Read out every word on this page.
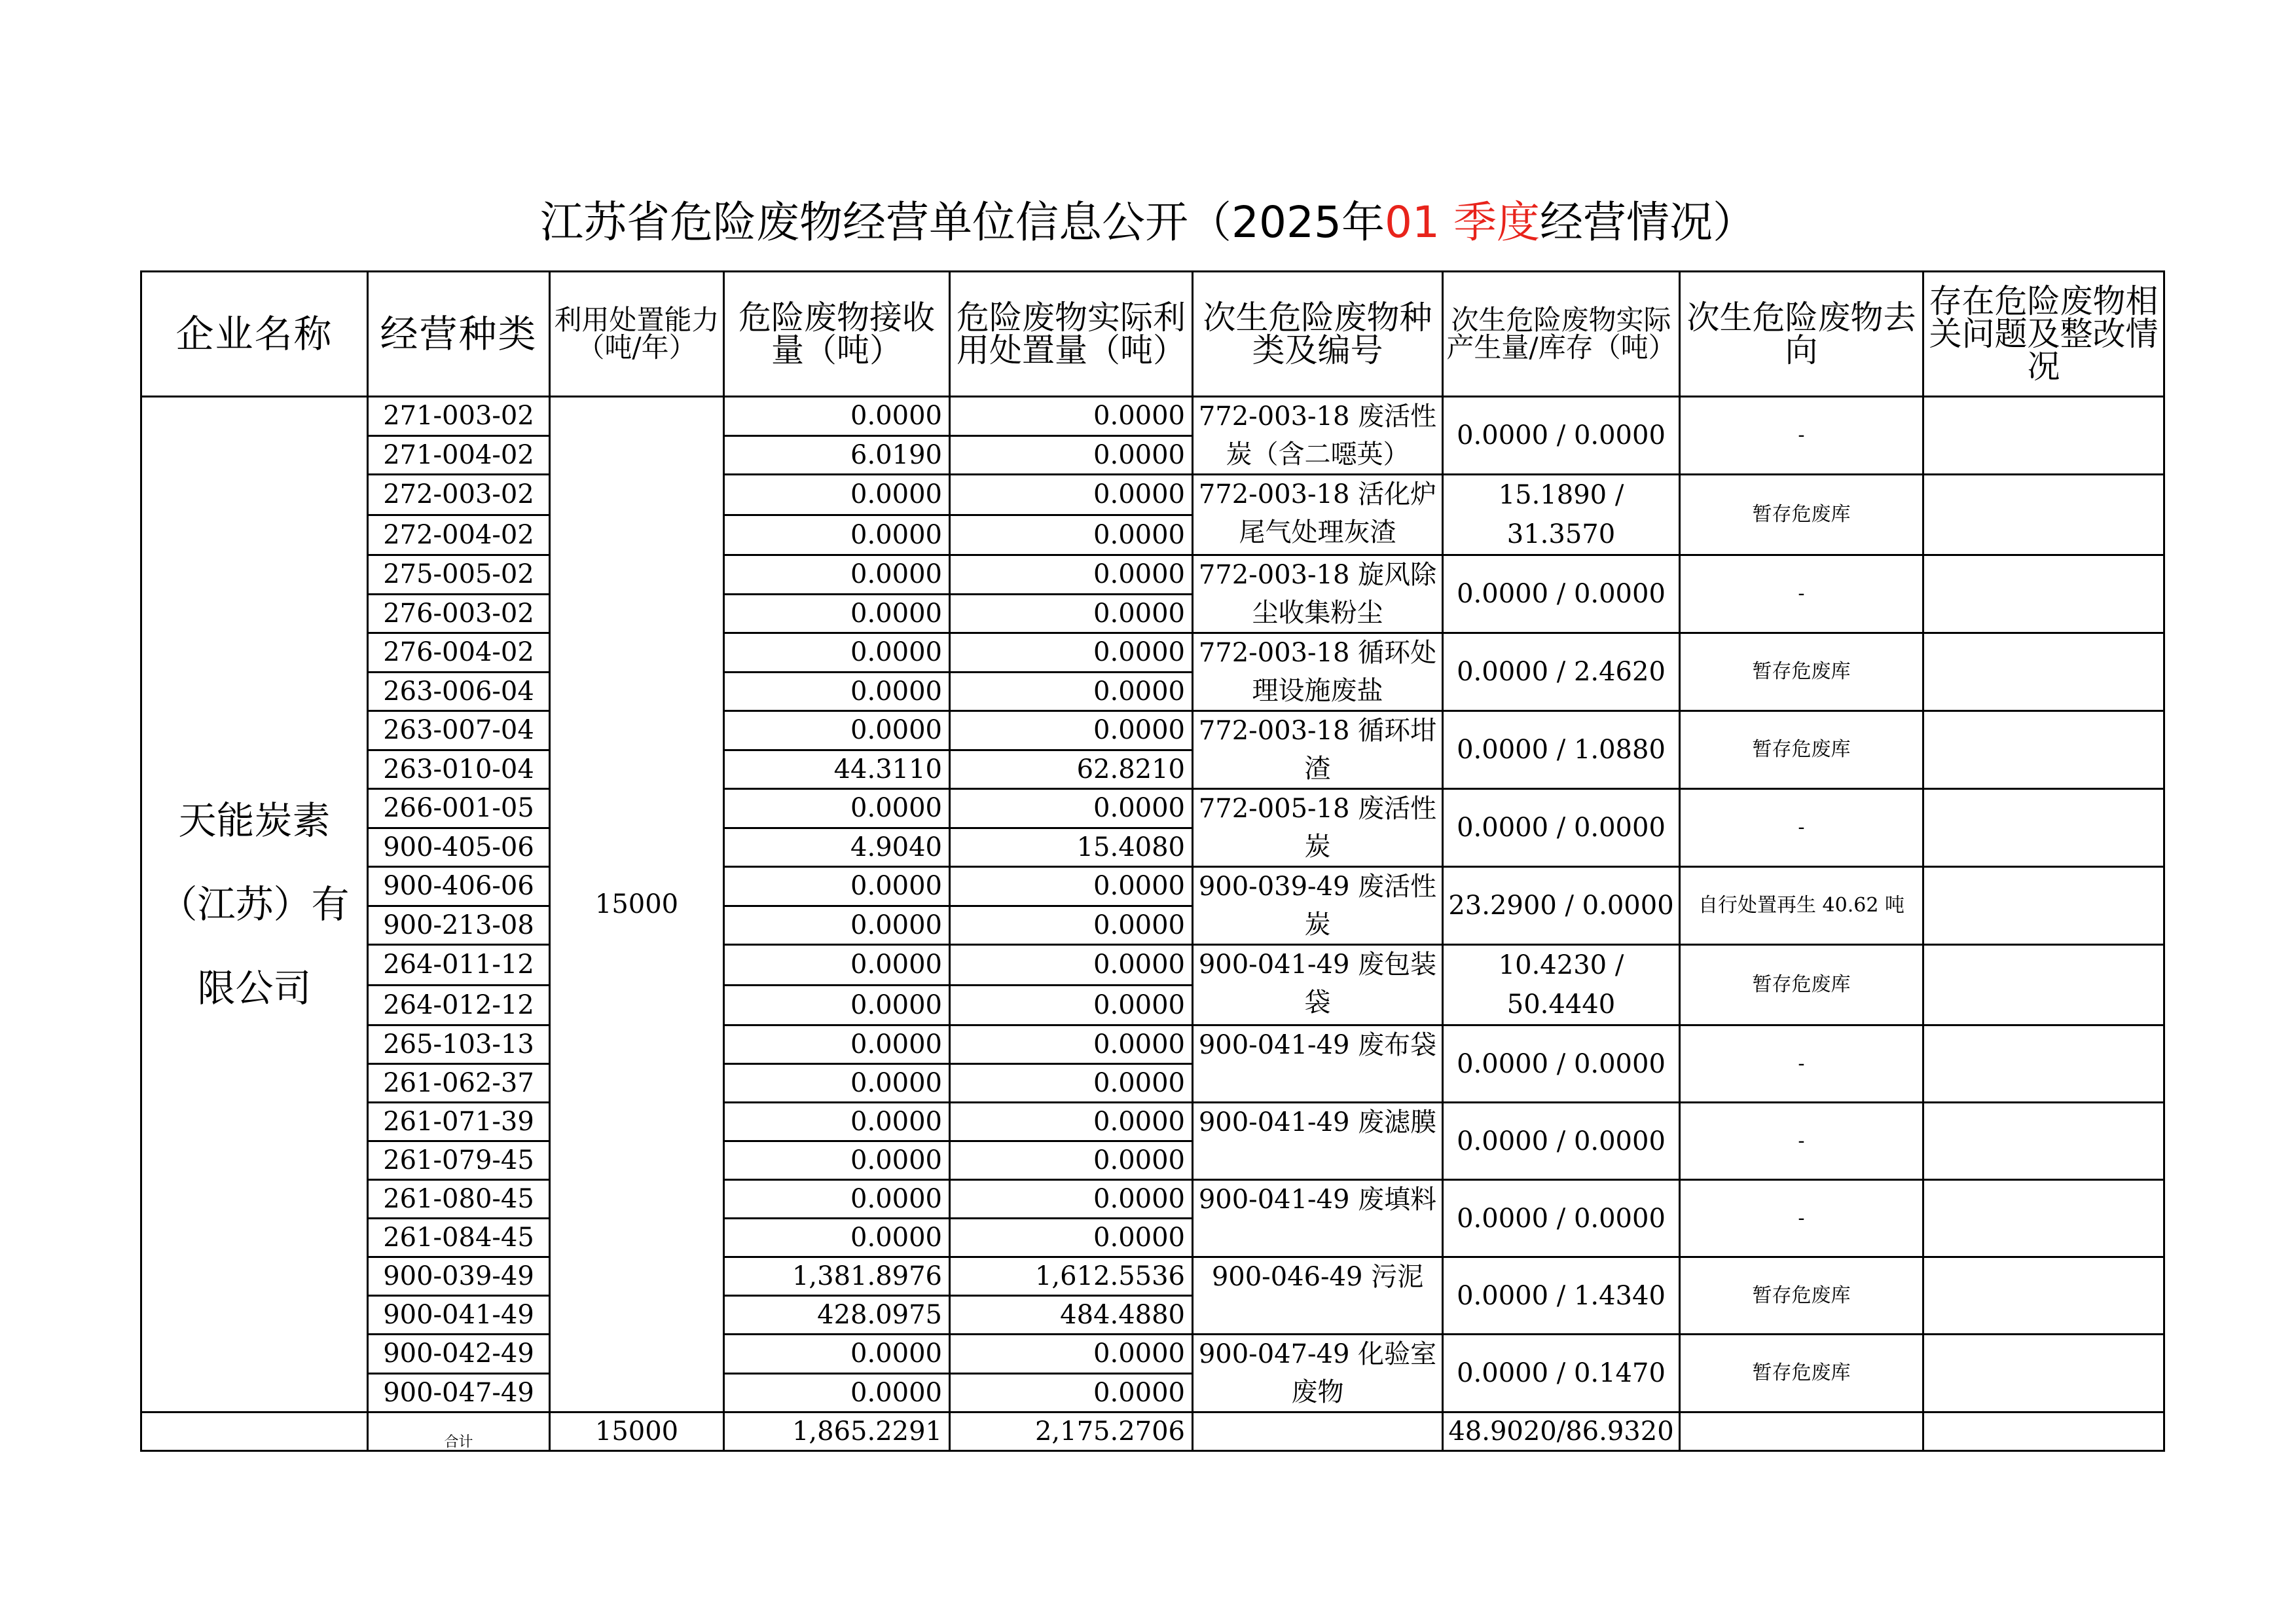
江苏省危险废物经营单位信息公开（2025年01 季度经营情况）
企业名称	经营种类	利用处置能力（吨/年）	危险废物接收量（吨）	危险废物实际利用处置量（吨）	次生危险废物种类及编号	次生危险废物实际产生量/库存（吨）	次生危险废物去向	存在危险废物相关问题及整改情况

天能炭素（江苏）有限公司	271-003-02	15000	0.0000	0.0000	772-003-18 废活性炭（含二噁英）	0.0000 / 0.0000	-	
	271-004-02		6.0190	0.0000				
	272-003-02		0.0000	0.0000	772-003-18 活化炉尾气处理灰渣	15.1890 / 31.3570	暂存危废库	
	272-004-02		0.0000	0.0000				
	275-005-02		0.0000	0.0000	772-003-18 旋风除尘收集粉尘	0.0000 / 0.0000	-	
	276-003-02		0.0000	0.0000				
	276-004-02		0.0000	0.0000	772-003-18 循环处理设施废盐	0.0000 / 2.4620	暂存危废库	
	263-006-04		0.0000	0.0000				
	263-007-04		0.0000	0.0000	772-003-18 循环坩渣	0.0000 / 1.0880	暂存危废库	
	263-010-04		44.3110	62.8210				
	266-001-05		0.0000	0.0000	772-005-18 废活性炭	0.0000 / 0.0000	-	
	900-405-06		4.9040	15.4080				
	900-406-06		0.0000	0.0000	900-039-49 废活性炭	23.2900 / 0.0000	自行处置再生 40.62 吨	
	900-213-08		0.0000	0.0000				
	264-011-12		0.0000	0.0000	900-041-49 废包装袋	10.4230 / 50.4440	暂存危废库	
	264-012-12		0.0000	0.0000				
	265-103-13		0.0000	0.0000	900-041-49 废布袋	0.0000 / 0.0000	-	
	261-062-37		0.0000	0.0000				
	261-071-39		0.0000	0.0000	900-041-49 废滤膜	0.0000 / 0.0000	-	
	261-079-45		0.0000	0.0000				
	261-080-45		0.0000	0.0000	900-041-49 废填料	0.0000 / 0.0000	-	
	261-084-45		0.0000	0.0000				
	900-039-49		1,381.8976	1,612.5536	900-046-49 污泥	0.0000 / 1.4340	暂存危废库	
	900-041-49		428.0975	484.4880				
	900-042-49		0.0000	0.0000	900-047-49 化验室废物	0.0000 / 0.1470	暂存危废库	
	900-047-49		0.0000	0.0000				
	合计	15000	1,865.2291	2,175.2706		48.9020/86.9320		
